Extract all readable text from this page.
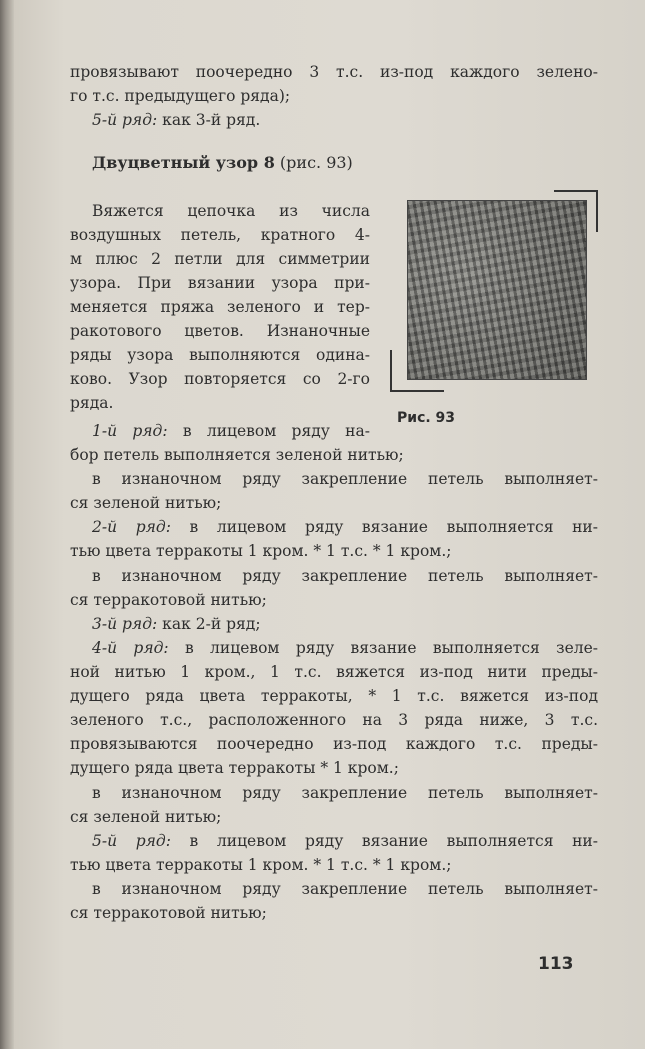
провязывают поочередно 3 т.с. из-под каждого зелено-
го т.с. предыдущего ряда);
5-й ряд: как 3-й ряд.
Двуцветный узор 8 (рис. 93)
Вяжется цепочка из числа
воздушных петель, кратного 4-
м плюс 2 петли для симметрии
узора. При вязании узора при-
меняется пряжа зеленого и тер-
ракотового цветов. Изнаночные
ряды узора выполняются одина-
ково. Узор повторяется со 2-го
ряда.
Рис. 93
1-й ряд: в лицевом ряду на-
бор петель выполняется зеленой нитью;
в изнаночном ряду закрепление петель выполняет-
ся зеленой нитью;
2-й ряд: в лицевом ряду вязание выполняется ни-
тью цвета терракоты 1 кром. * 1 т.с. * 1 кром.;
в изнаночном ряду закрепление петель выполняет-
ся терракотовой нитью;
3-й ряд: как 2-й ряд;
4-й ряд: в лицевом ряду вязание выполняется зеле-
ной нитью 1 кром., 1 т.с. вяжется из-под нити преды-
дущего ряда цвета терракоты, * 1 т.с. вяжется из-под
зеленого т.с., расположенного на 3 ряда ниже, 3 т.с.
провязываются поочередно из-под каждого т.с. преды-
дущего ряда цвета терракоты * 1 кром.;
в изнаночном ряду закрепление петель выполняет-
ся зеленой нитью;
5-й ряд: в лицевом ряду вязание выполняется ни-
тью цвета терракоты 1 кром. * 1 т.с. * 1 кром.;
в изнаночном ряду закрепление петель выполняет-
ся терракотовой нитью;
113
